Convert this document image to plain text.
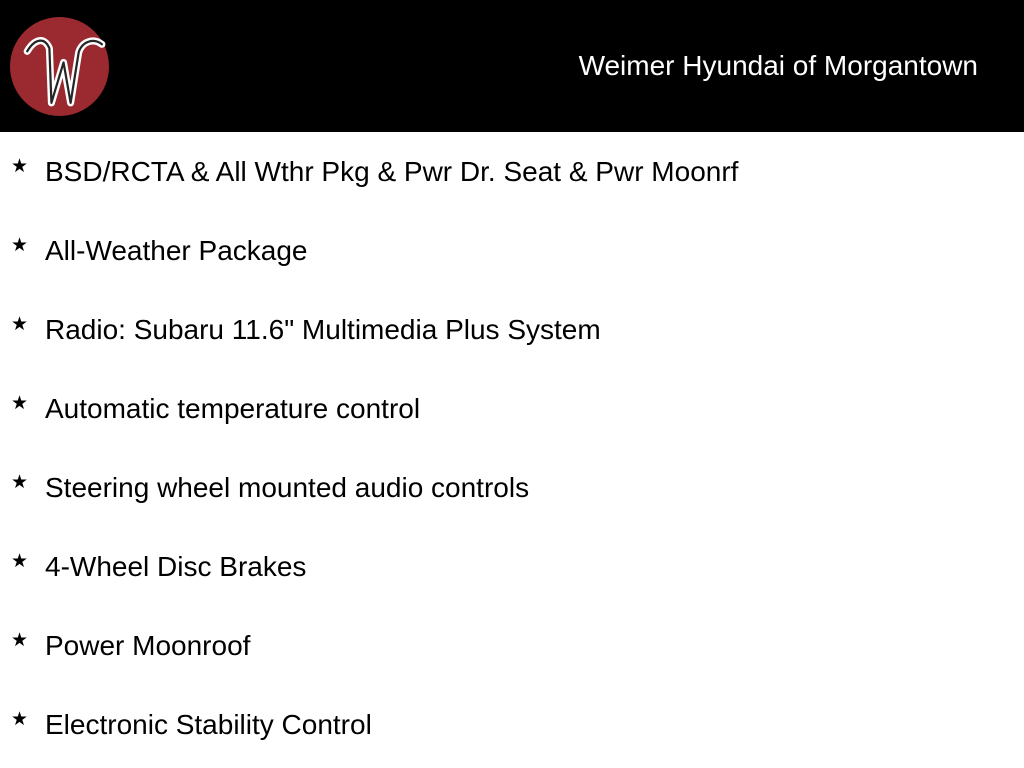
Weimer Hyundai of Morgantown
★ BSD/RCTA & All Wthr Pkg & Pwr Dr. Seat & Pwr Moonrf
★ All-Weather Package
★ Radio: Subaru 11.6" Multimedia Plus System
★ Automatic temperature control
★ Steering wheel mounted audio controls
★ 4-Wheel Disc Brakes
★ Power Moonroof
★ Electronic Stability Control
